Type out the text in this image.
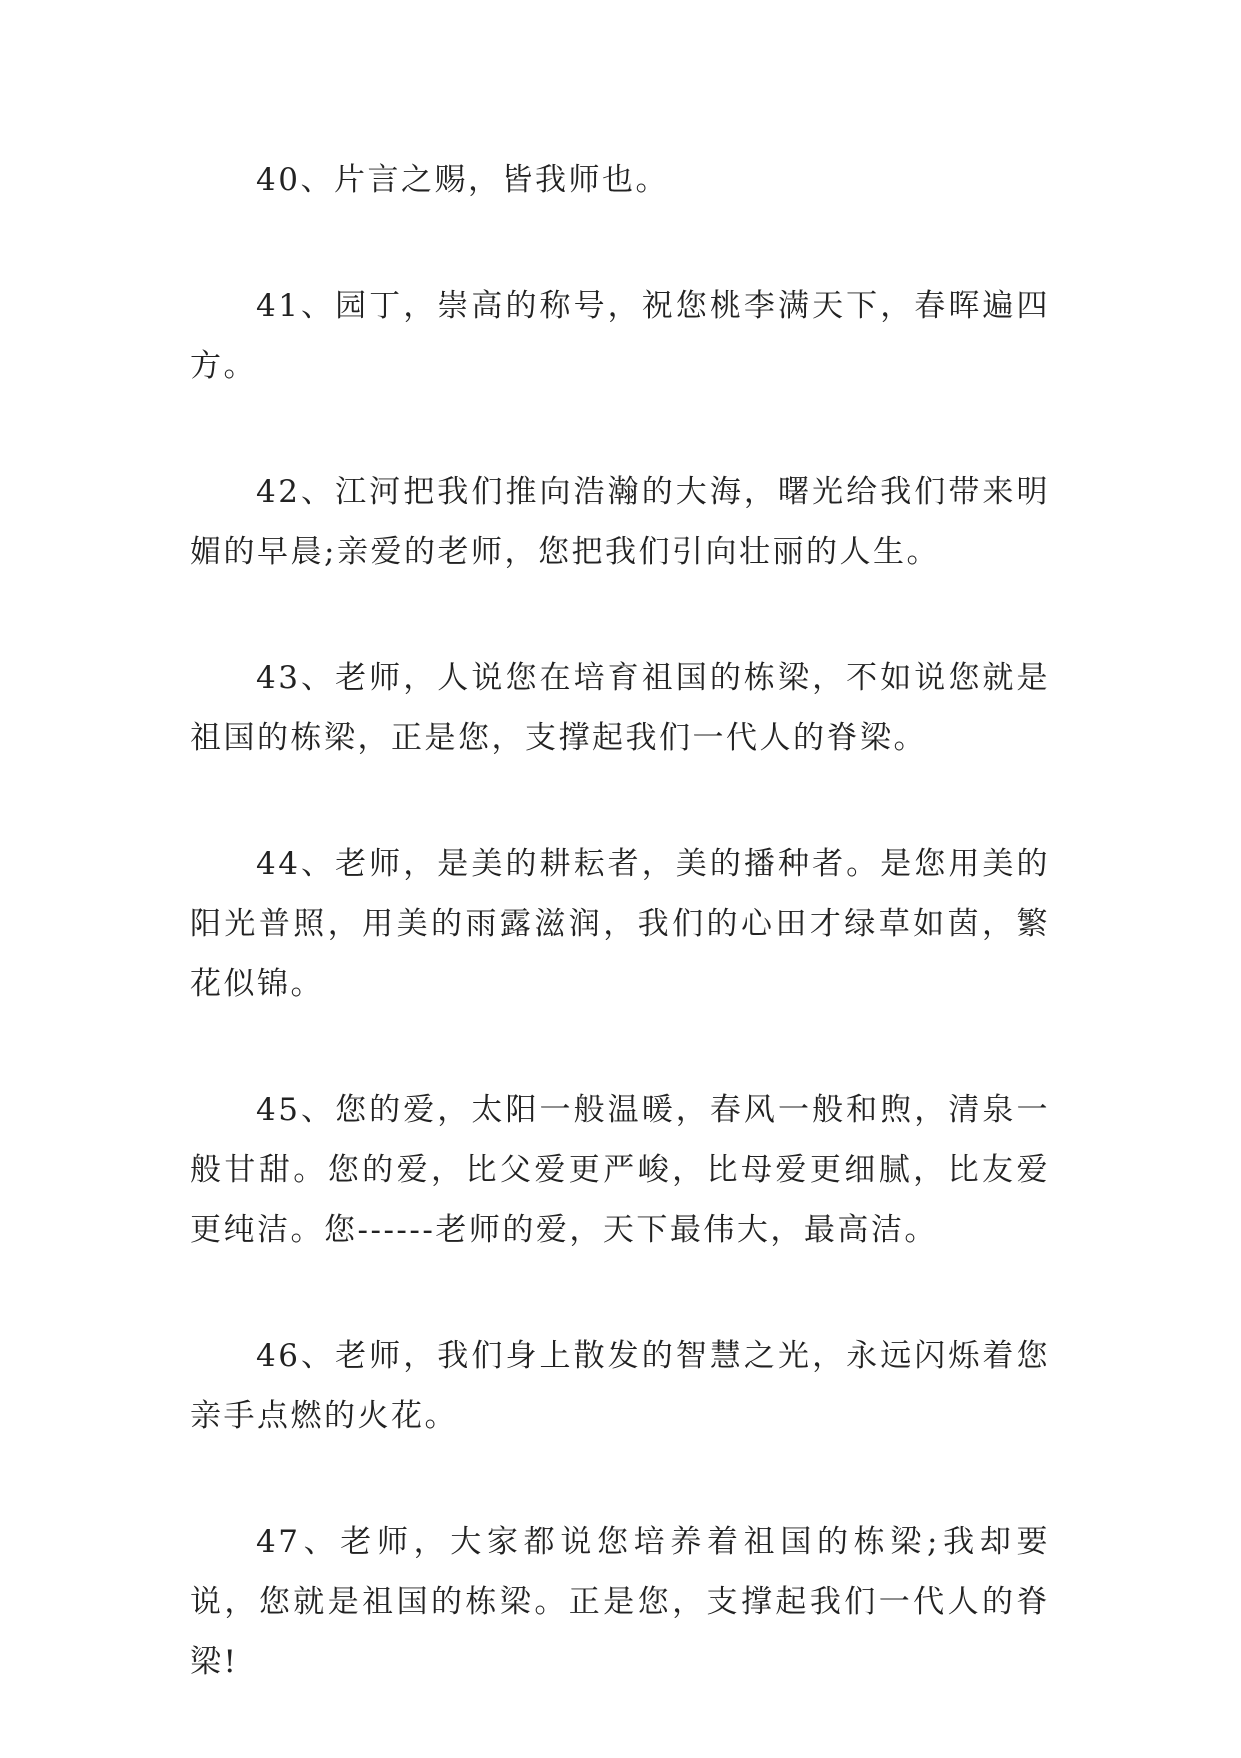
40、片言之赐，皆我师也。

41、园丁，崇高的称号，祝您桃李满天下，春晖遍四方。

42、江河把我们推向浩瀚的大海，曙光给我们带来明媚的早晨;亲爱的老师，您把我们引向壮丽的人生。

43、老师，人说您在培育祖国的栋梁，不如说您就是祖国的栋梁，正是您，支撑起我们一代人的脊梁。

44、老师，是美的耕耘者，美的播种者。是您用美的阳光普照，用美的雨露滋润，我们的心田才绿草如茵，繁花似锦。

45、您的爱，太阳一般温暖，春风一般和煦，清泉一般甘甜。您的爱，比父爱更严峻，比母爱更细腻，比友爱更纯洁。您------老师的爱，天下最伟大，最高洁。

46、老师，我们身上散发的智慧之光，永远闪烁着您亲手点燃的火花。

47、老师，大家都说您培养着祖国的栋梁;我却要说，您就是祖国的栋梁。正是您，支撑起我们一代人的脊梁!
